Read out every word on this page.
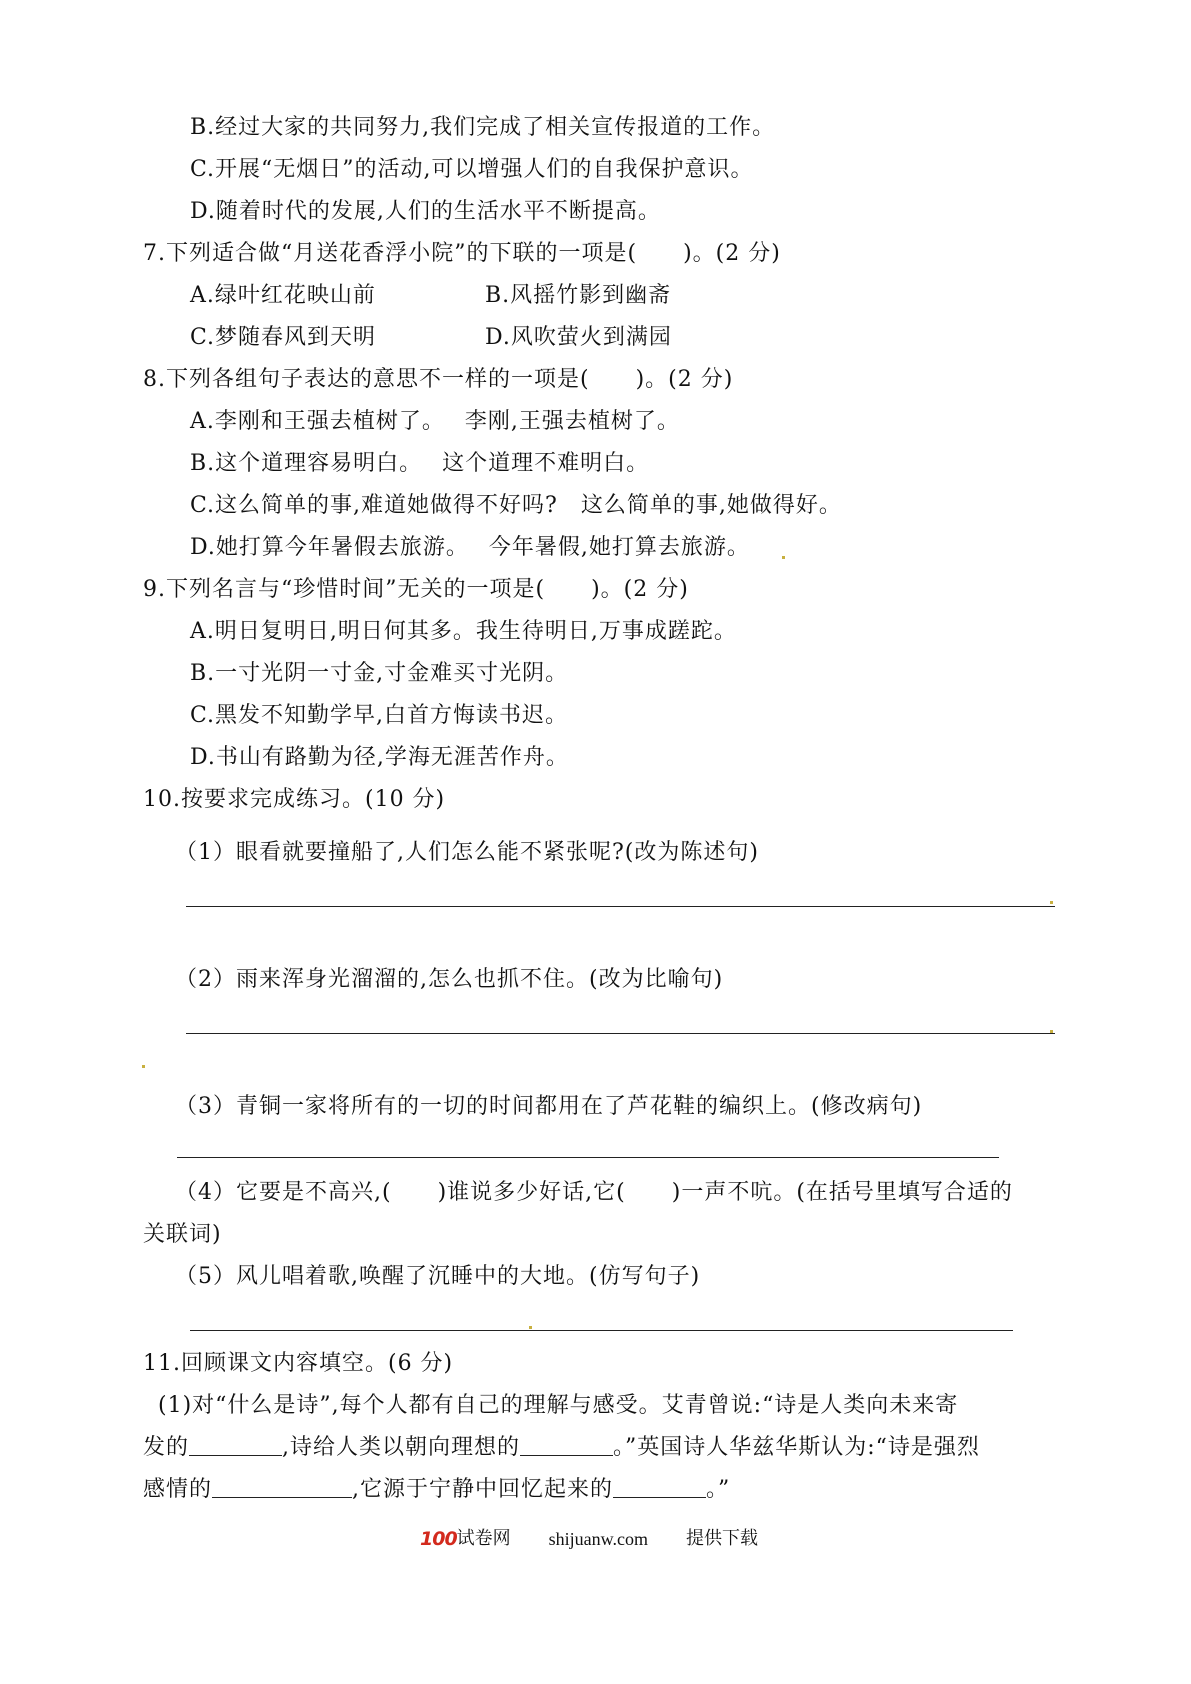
B.经过大家的共同努力,我们完成了相关宣传报道的工作。
C.开展“无烟日”的活动,可以增强人们的自我保护意识。
D.随着时代的发展,人们的生活水平不断提高。
7.下列适合做“月送花香浮小院”的下联的一项是(　　)。(2 分)
A.绿叶红花映山前	B.风摇竹影到幽斋
C.梦随春风到天明	D.风吹萤火到满园
8.下列各组句子表达的意思不一样的一项是(　　)。(2 分)
A.李刚和王强去植树了。　 李刚,王强去植树了。
B.这个道理容易明白。　 这个道理不难明白。
C.这么简单的事,难道她做得不好吗?　这么简单的事,她做得好。
D.她打算今年暑假去旅游。　 今年暑假,她打算去旅游。
9.下列名言与“珍惜时间”无关的一项是(　　)。(2 分)
A.明日复明日,明日何其多。我生待明日,万事成蹉跎。
B.一寸光阴一寸金,寸金难买寸光阴。
C.黑发不知勤学早,白首方悔读书迟。
D.书山有路勤为径,学海无涯苦作舟。
10.按要求完成练习。(10 分)
（1）眼看就要撞船了,人们怎么能不紧张呢?(改为陈述句)
（2）雨来浑身光溜溜的,怎么也抓不住。(改为比喻句)
（3）青铜一家将所有的一切的时间都用在了芦花鞋的编织上。(修改病句)
（4）它要是不高兴,(　　)谁说多少好话,它(　　)一声不吭。(在括号里填写合适的
关联词)
（5）风儿唱着歌,唤醒了沉睡中的大地。(仿写句子)
11.回顾课文内容填空。(6 分)
(1)对“什么是诗”,每个人都有自己的理解与感受。艾青曾说:“诗是人类向未来寄
发的	,诗给人类以朝向理想的	。”英国诗人华兹华斯认为:“诗是强烈
感情的	,它源于宁静中回忆起来的	。”
100试卷网 shijuanw.com 提供下载
